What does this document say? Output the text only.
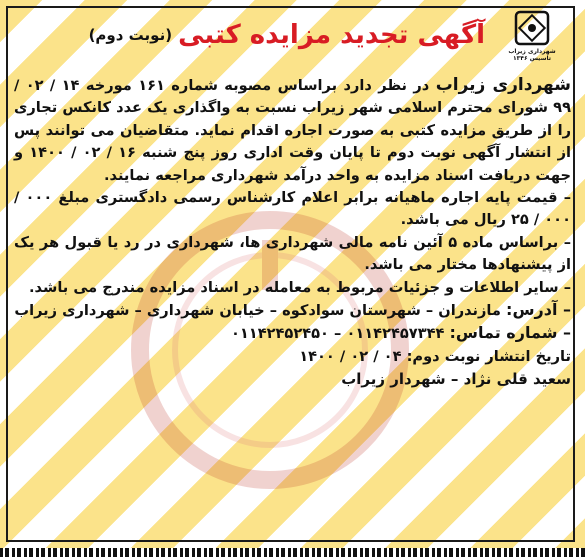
شهرداری زیراب
تاسیس ۱۳۴۶
آگهی تجدید مزایده کتبی
(نوبت دوم)

شهرداری زیراب در نظر دارد براساس مصوبه شماره ۱۶۱ مورخه ۱۴ / ۰۲ / ۹۹ شورای محترم اسلامی شهر زیراب نسبت به واگذاری یک عدد کانکس تجاری را از طریق مزایده کتبی به صورت اجاره اقدام نماید. متقاضیان می توانند پس از انتشار آگهی نوبت دوم تا پایان وقت اداری روز پنج شنبه ۱۶ / ۰۲ / ۱۴۰۰ و جهت دریافت اسناد مزایده به واحد درآمد شهرداری مراجعه نمایند.

– قیمت پایه اجاره ماهیانه برابر اعلام کارشناس رسمی دادگستری مبلغ ۰۰۰ / ۰۰۰ / ۲۵ ریال می باشد.

– براساس ماده ۵ آئین نامه مالی شهرداری ها، شهرداری در رد یا قبول هر یک از پیشنهادها مختار می باشد.

– سایر اطلاعات و جزئیات مربوط به معامله در اسناد مزایده مندرج می باشد.

– آدرس: مازندران – شهرستان سوادکوه – خیابان شهرداری – شهرداری زیراب

– شماره تماس: ۰۱۱۴۲۴۵۷۳۴۴ – ۰۱۱۴۲۴۵۲۴۵۰

تاریخ انتشار نوبت دوم: ۰۴ / ۰۲ / ۱۴۰۰

سعید قلی نژاد – شهردار زیراب
